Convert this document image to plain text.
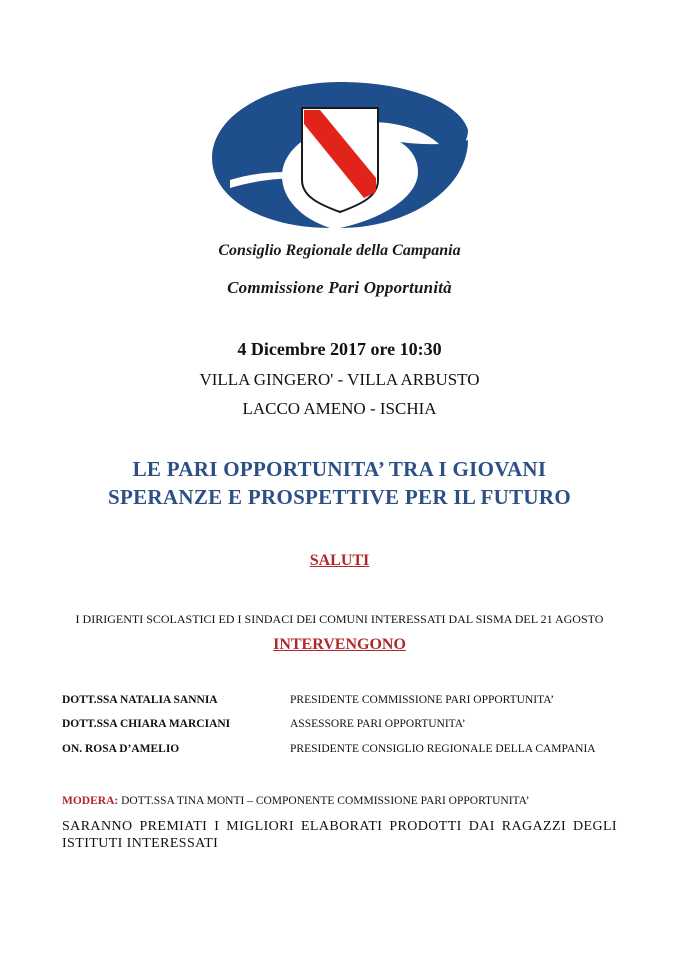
Consiglio Regionale della Campania
Commissione Pari Opportunità
4 Dicembre 2017 ore 10:30
VILLA GINGERO' - VILLA ARBUSTO
LACCO AMENO - ISCHIA
LE PARI OPPORTUNITA’ TRA I GIOVANI
SPERANZE E PROSPETTIVE PER IL FUTURO
SALUTI
I DIRIGENTI SCOLASTICI ED I SINDACI DEI COMUNI INTERESSATI DAL SISMA DEL 21 AGOSTO
INTERVENGONO
DOTT.SSA NATALIA SANNIA	PRESIDENTE COMMISSIONE PARI OPPORTUNITA’
DOTT.SSA CHIARA MARCIANI	ASSESSORE PARI OPPORTUNITA’
ON. ROSA D’AMELIO	PRESIDENTE CONSIGLIO REGIONALE DELLA CAMPANIA
MODERA: DOTT.SSA TINA MONTI – COMPONENTE COMMISSIONE PARI OPPORTUNITA’
SARANNO PREMIATI I MIGLIORI ELABORATI PRODOTTI DAI RAGAZZI DEGLI ISTITUTI INTERESSATI
